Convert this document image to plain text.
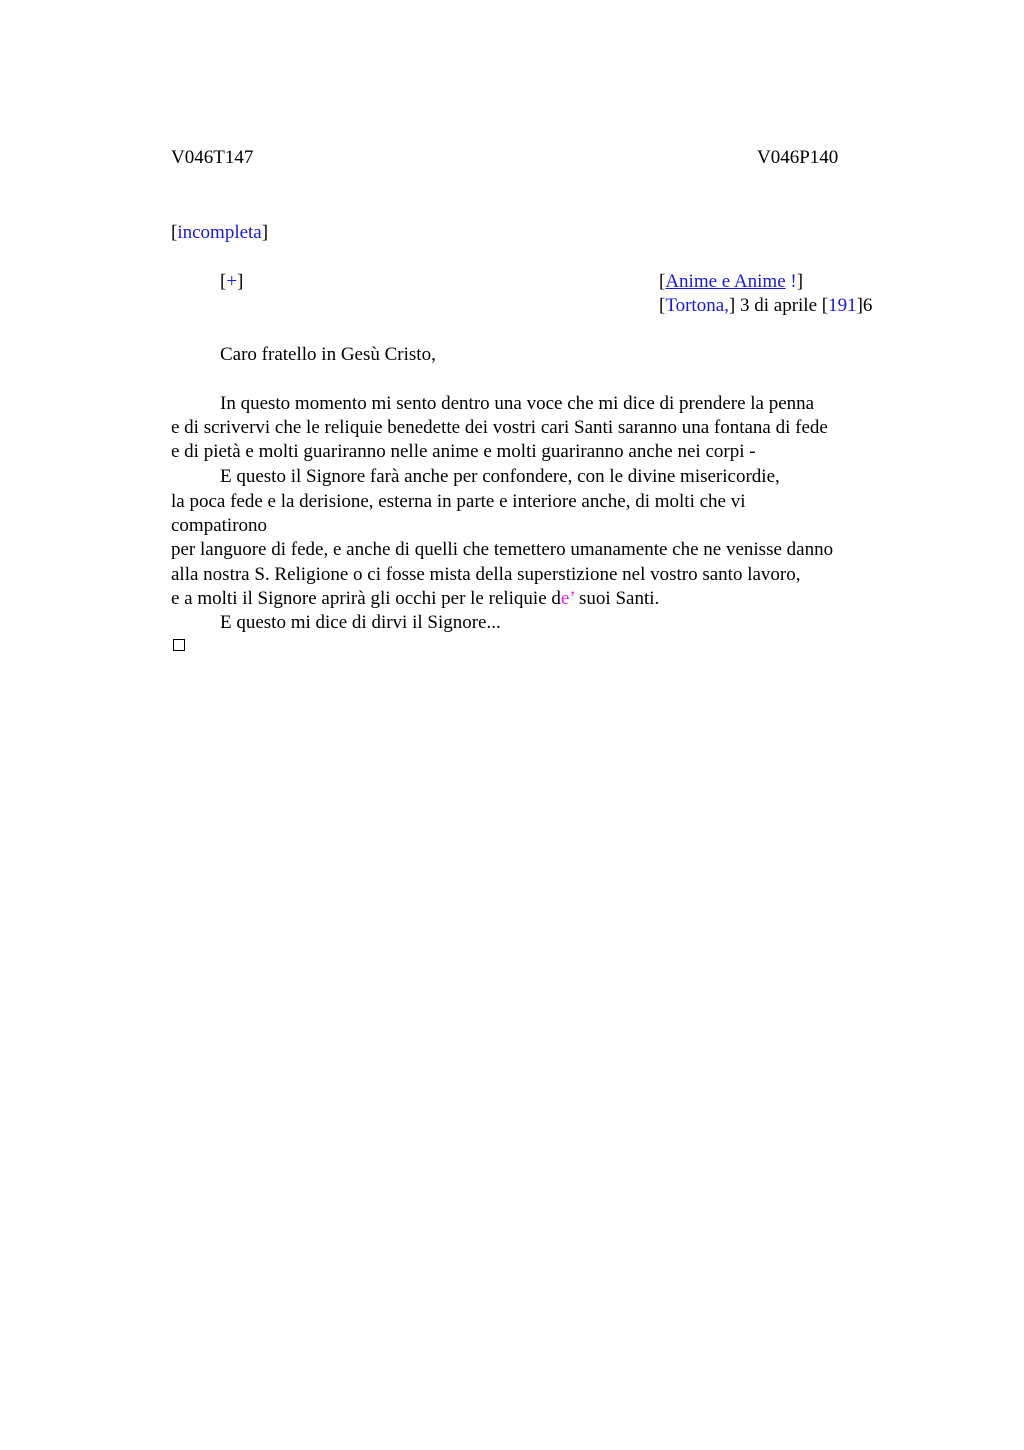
V046T147	V046P140
[incompleta]
[+]	[Anime e Anime !]
[Tortona,] 3 di aprile [191]6
Caro fratello in Gesù Cristo,
In questo momento mi sento dentro una voce che mi dice di prendere la penna
e di scrivervi che le reliquie benedette dei vostri cari Santi saranno una fontana di fede
e di pietà e molti guariranno nelle anime e molti guariranno anche nei corpi -
E questo il Signore farà anche per confondere, con le divine misericordie,
la poca fede e la derisione, esterna in parte e interiore anche, di molti che vi
compatirono
per languore di fede, e anche di quelli che temettero umanamente che ne venisse danno
alla nostra S. Religione o ci fosse mista della superstizione nel vostro santo lavoro,
e a molti il Signore aprirà gli occhi per le reliquie de’ suoi Santi.
E questo mi dice di dirvi il Signore...
